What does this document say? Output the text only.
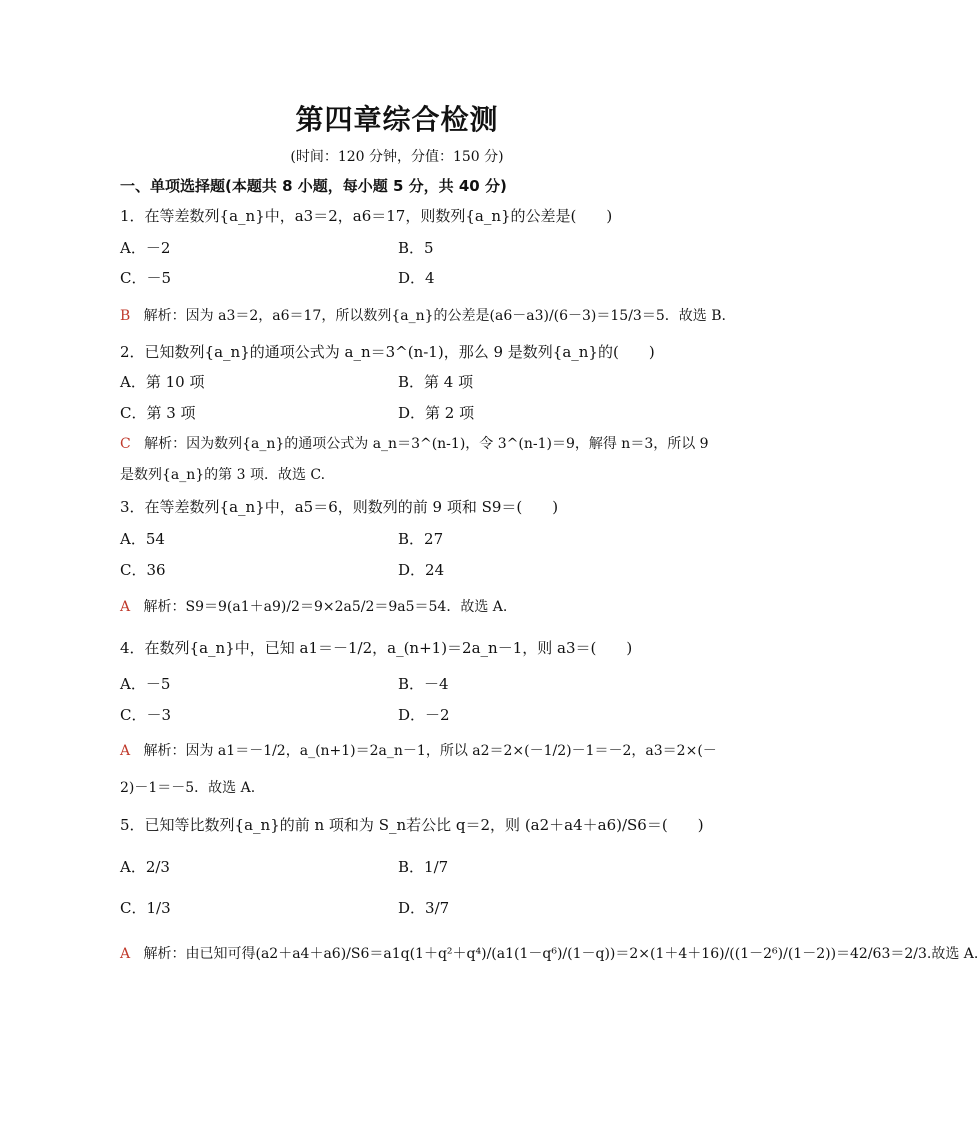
第四章综合检测
(时间：120 分钟，分值：150 分)
一、单项选择题(本题共 8 小题，每小题 5 分，共 40 分)
1．在等差数列{a_n}中，a3＝2，a6＝17，则数列{a_n}的公差是(　　)
A．－2	B．5
C．－5	D．4
B 解析：因为 a3＝2，a6＝17，所以数列{a_n}的公差是(a6－a3)/(6－3)＝15/3＝5．故选 B.
2．已知数列{a_n}的通项公式为 a_n＝3^(n-1)，那么 9 是数列{a_n}的(　　)
A．第 10 项	B．第 4 项
C．第 3 项	D．第 2 项
C 解析：因为数列{a_n}的通项公式为 a_n＝3^(n-1)，令 3^(n-1)＝9，解得 n＝3，所以 9
是数列{a_n}的第 3 项．故选 C.
3．在等差数列{a_n}中，a5＝6，则数列的前 9 项和 S9＝(　　)
A．54	B．27
C．36	D．24
A 解析：S9＝9(a1＋a9)/2＝9×2a5/2＝9a5＝54．故选 A.
4．在数列{a_n}中，已知 a1＝－1/2，a_(n+1)＝2a_n－1，则 a3＝(　　)
A．－5	B．－4
C．－3	D．－2
A 解析：因为 a1＝－1/2，a_(n+1)＝2a_n－1，所以 a2＝2×(－1/2)－1＝－2，a3＝2×(－
2)－1＝－5．故选 A.
5．已知等比数列{a_n}的前 n 项和为 S_n若公比 q＝2，则 (a2＋a4＋a6)/S6＝(　　)
A．2/3	B．1/7
C．1/3	D．3/7
A 解析：由已知可得(a2＋a4＋a6)/S6＝a1q(1＋q²＋q⁴)/(a1(1－q⁶)/(1－q))＝2×(1＋4＋16)/((1－2⁶)/(1－2))＝42/63＝2/3.故选 A.
